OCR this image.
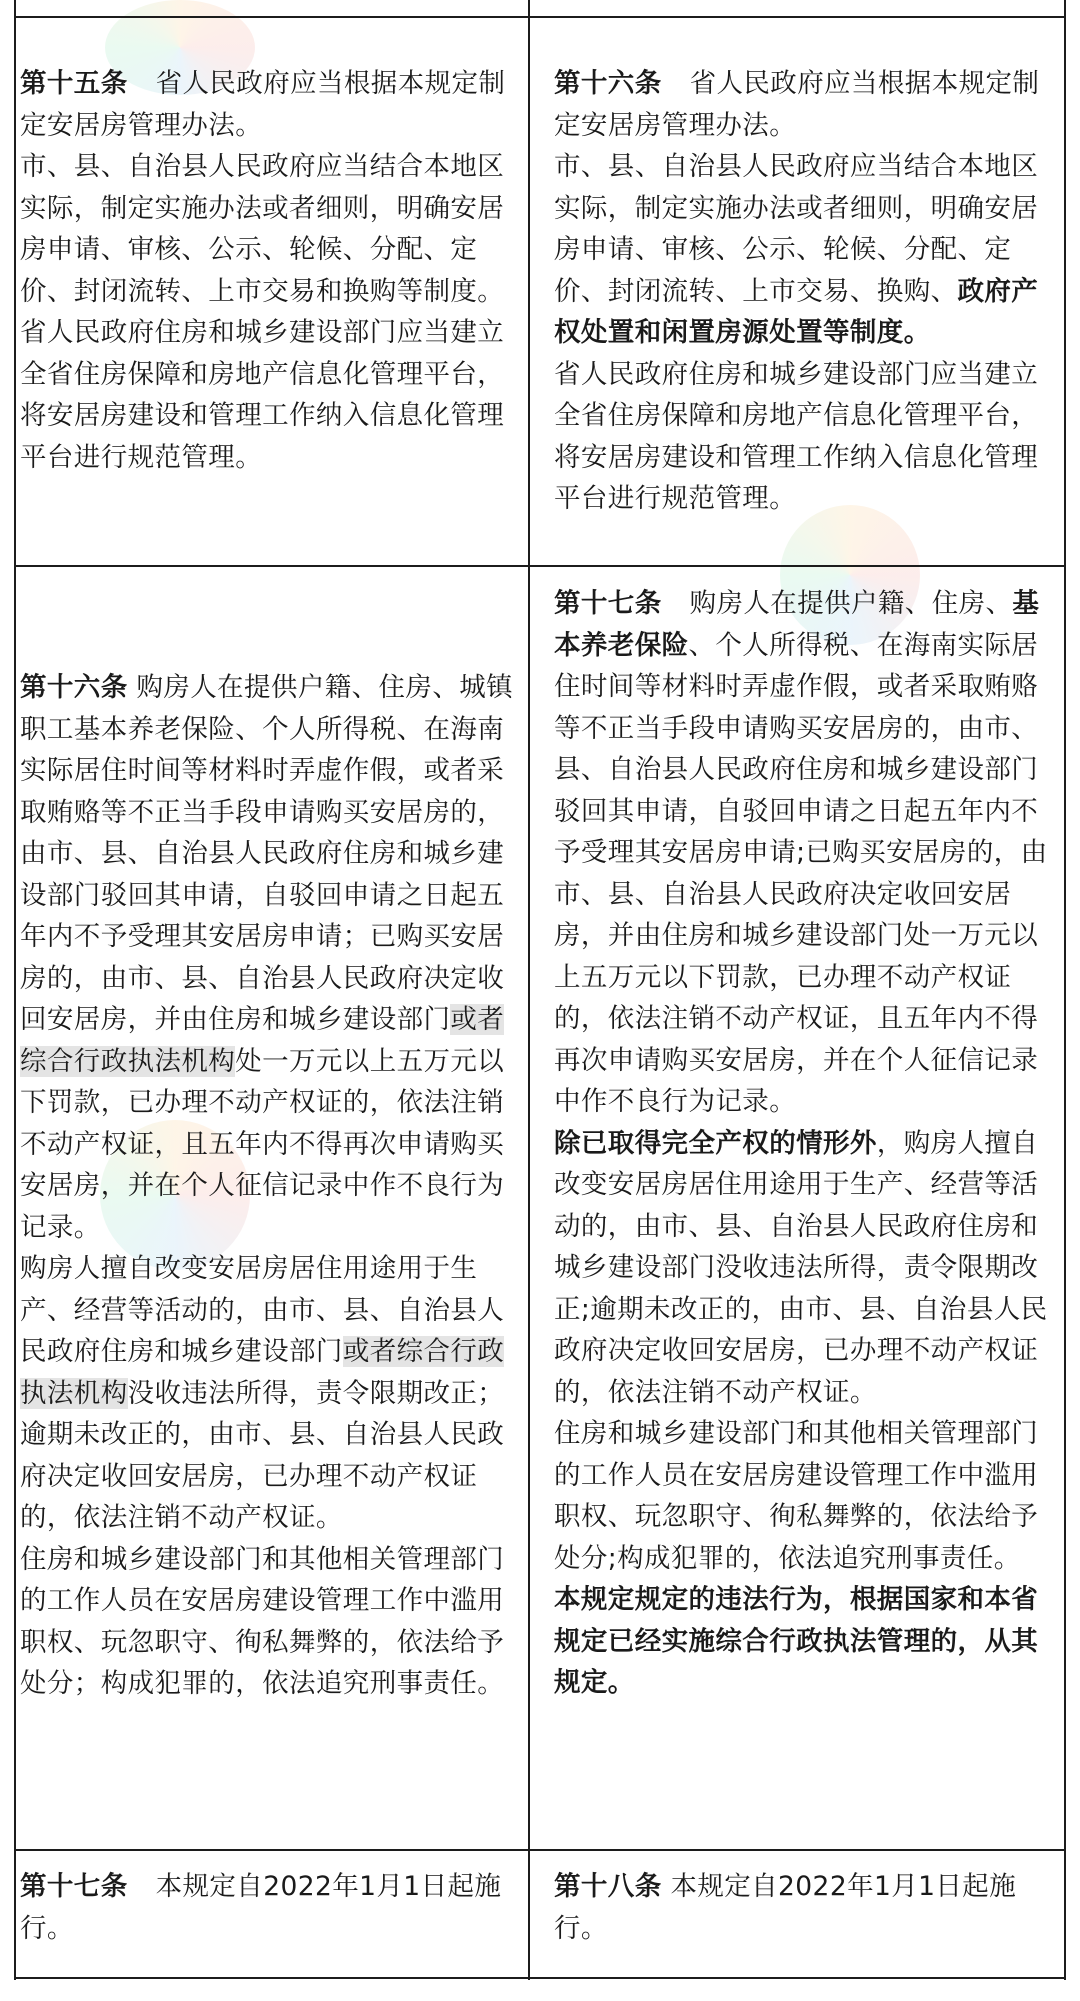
第十五条 省人民政府应当根据本规定制定安居房管理办法。

市、县、自治县人民政府应当结合本地区实际，制定实施办法或者细则，明确安居房申请、审核、公示、轮候、分配、定价、封闭流转、上市交易和换购等制度。

省人民政府住房和城乡建设部门应当建立全省住房保障和房地产信息化管理平台，将安居房建设和管理工作纳入信息化管理平台进行规范管理。

第十六条 省人民政府应当根据本规定制定安居房管理办法。

市、县、自治县人民政府应当结合本地区实际，制定实施办法或者细则，明确安居房申请、审核、公示、轮候、分配、定价、封闭流转、上市交易、换购、政府产权处置和闲置房源处置等制度。

省人民政府住房和城乡建设部门应当建立全省住房保障和房地产信息化管理平台，将安居房建设和管理工作纳入信息化管理平台进行规范管理。

第十六条 购房人在提供户籍、住房、城镇职工基本养老保险、个人所得税、在海南实际居住时间等材料时弄虚作假，或者采取贿赂等不正当手段申请购买安居房的，由市、县、自治县人民政府住房和城乡建设部门驳回其申请，自驳回申请之日起五年内不予受理其安居房申请；已购买安居房的，由市、县、自治县人民政府决定收回安居房，并由住房和城乡建设部门或者综合行政执法机构处一万元以上五万元以下罚款，已办理不动产权证的，依法注销不动产权证，且五年内不得再次申请购买安居房，并在个人征信记录中作不良行为记录。

购房人擅自改变安居房居住用途用于生产、经营等活动的，由市、县、自治县人民政府住房和城乡建设部门或者综合行政执法机构没收违法所得，责令限期改正；逾期未改正的，由市、县、自治县人民政府决定收回安居房，已办理不动产权证的，依法注销不动产权证。

住房和城乡建设部门和其他相关管理部门的工作人员在安居房建设管理工作中滥用职权、玩忽职守、徇私舞弊的，依法给予处分；构成犯罪的，依法追究刑事责任。

第十七条 购房人在提供户籍、住房、基本养老保险、个人所得税、在海南实际居住时间等材料时弄虚作假，或者采取贿赂等不正当手段申请购买安居房的，由市、县、自治县人民政府住房和城乡建设部门驳回其申请，自驳回申请之日起五年内不予受理其安居房申请;已购买安居房的，由市、县、自治县人民政府决定收回安居房，并由住房和城乡建设部门处一万元以上五万元以下罚款，已办理不动产权证的，依法注销不动产权证，且五年内不得再次申请购买安居房，并在个人征信记录中作不良行为记录。

除已取得完全产权的情形外，购房人擅自改变安居房居住用途用于生产、经营等活动的，由市、县、自治县人民政府住房和城乡建设部门没收违法所得，责令限期改正;逾期未改正的，由市、县、自治县人民政府决定收回安居房，已办理不动产权证的，依法注销不动产权证。

住房和城乡建设部门和其他相关管理部门的工作人员在安居房建设管理工作中滥用职权、玩忽职守、徇私舞弊的，依法给予处分;构成犯罪的，依法追究刑事责任。

本规定规定的违法行为，根据国家和本省规定已经实施综合行政执法管理的，从其规定。

第十七条 本规定自2022年1月1日起施行。

第十八条 本规定自2022年1月1日起施行。
